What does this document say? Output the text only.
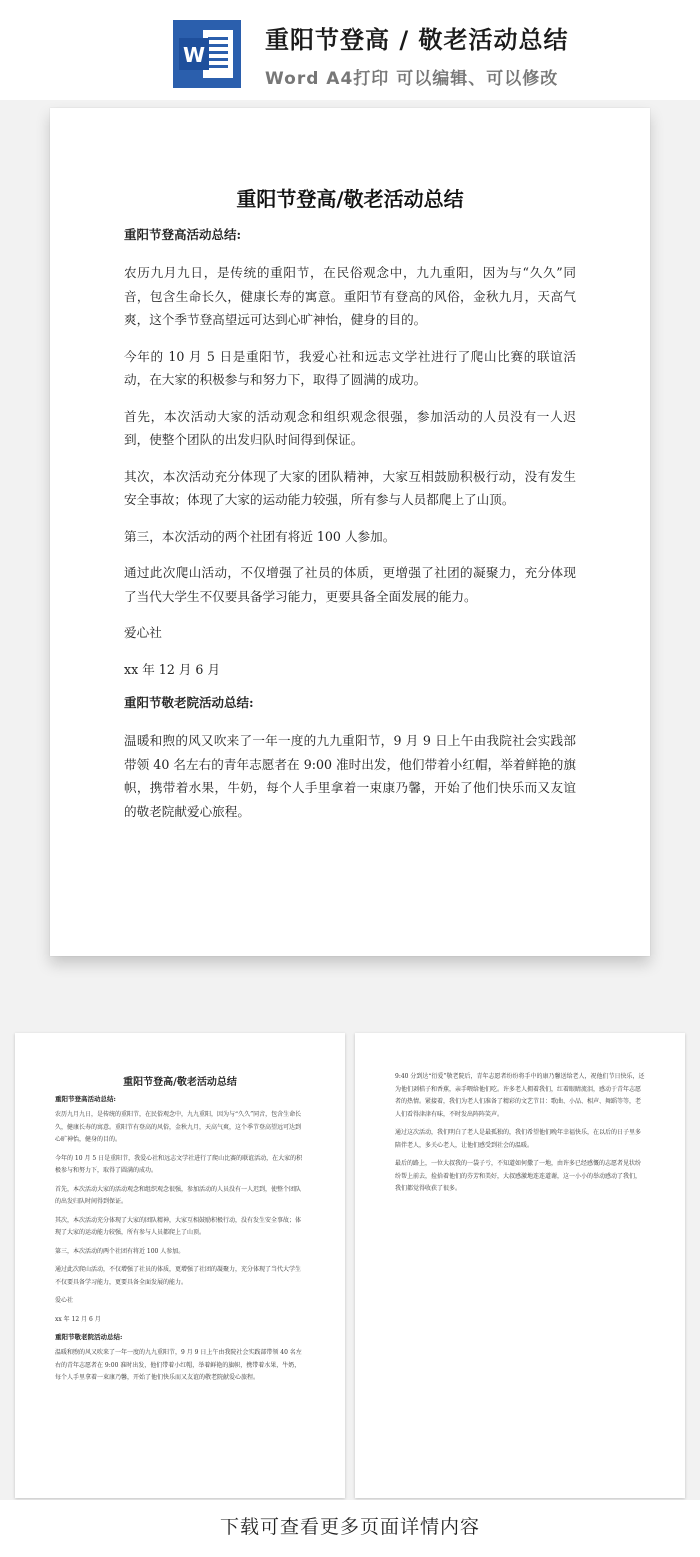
W
重阳节登高 / 敬老活动总结
Word A4打印 可以编辑、可以修改
重阳节登高/敬老活动总结
重阳节登高活动总结:

农历九月九日，是传统的重阳节，在民俗观念中，九九重阳，因为与“久久”同音，包含生命长久，健康长寿的寓意。重阳节有登高的风俗，金秋九月，天高气爽，这个季节登高望远可达到心旷神怡，健身的目的。

今年的 10 月 5 日是重阳节，我爱心社和远志文学社进行了爬山比赛的联谊活动，在大家的积极参与和努力下，取得了圆满的成功。

首先，本次活动大家的活动观念和组织观念很强，参加活动的人员没有一人迟到，使整个团队的出发归队时间得到保证。

其次，本次活动充分体现了大家的团队精神，大家互相鼓励积极行动，没有发生安全事故；体现了大家的运动能力较强，所有参与人员都爬上了山顶。

第三，本次活动的两个社团有将近 100 人参加。

通过此次爬山活动，不仅增强了社员的体质，更增强了社团的凝聚力，充分体现了当代大学生不仅要具备学习能力，更要具备全面发展的能力。

爱心社

xx 年 12 月 6 月

重阳节敬老院活动总结:

温暖和煦的风又吹来了一年一度的九九重阳节，9 月 9 日上午由我院社会实践部带领 40 名左右的青年志愿者在 9:00 准时出发，他们带着小红帽，举着鲜艳的旗帜，携带着水果，牛奶，每个人手里拿着一束康乃馨，开始了他们快乐而又友谊的敬老院献爱心旅程。

重阳节登高/敬老活动总结
重阳节登高活动总结:

农历九月九日，是传统的重阳节，在民俗观念中，九九重阳，因为与“久久”同音，包含生命长久，健康长寿的寓意。重阳节有登高的风俗，金秋九月，天高气爽，这个季节登高望远可达到心旷神怡，健身的目的。

今年的 10 月 5 日是重阳节，我爱心社和远志文学社进行了爬山比赛的联谊活动，在大家的积极参与和努力下，取得了圆满的成功。

首先，本次活动大家的活动观念和组织观念很强，参加活动的人员没有一人迟到，使整个团队的出发归队时间得到保证。

其次，本次活动充分体现了大家的团队精神，大家互相鼓励积极行动，没有发生安全事故；体现了大家的运动能力较强，所有参与人员都爬上了山顶。

第三，本次活动的两个社团有将近 100 人参加。

通过此次爬山活动，不仅增强了社员的体质，更增强了社团的凝聚力，充分体现了当代大学生不仅要具备学习能力，更要具备全面发展的能力。

爱心社

xx 年 12 月 6 月

重阳节敬老院活动总结:

温暖和煦的风又吹来了一年一度的九九重阳节，9 月 9 日上午由我院社会实践部带领 40 名左右的青年志愿者在 9:00 准时出发，他们带着小红帽，举着鲜艳的旗帜，携带着水果，牛奶，每个人手里拿着一束康乃馨，开始了他们快乐而又友谊的敬老院献爱心旅程。

9:40 分到达“衍爱”敬老院后，青年志愿者纷纷将手中的康乃馨送给老人，祝他们节日快乐，还为他们剥桔子和香蕉，亲手喂给他们吃。许多老人拥着我们，红着眼睛流泪，感动于青年志愿者的热情。紧接着，我们为老人们准备了精彩的文艺节目：歌曲、小品、相声、舞蹈等等，老人们看得津津有味，不时发出阵阵笑声。

通过这次活动，我们明白了老人是最孤独的，我们希望他们晚年幸福快乐，在以后的日子里多陪伴老人，多关心老人，让他们感受到社会的温暖。

最后的路上，一位大叔我的一袋子亏，不知道如何撒了一地，由许多已经感慨的志愿者见状纷纷帮上前去，捡拾着他们的芬芳和美好，大叔感激地连连道谢，这一小小的举动感动了我们，我们都觉得收获了很多。

下载可查看更多页面详情内容
